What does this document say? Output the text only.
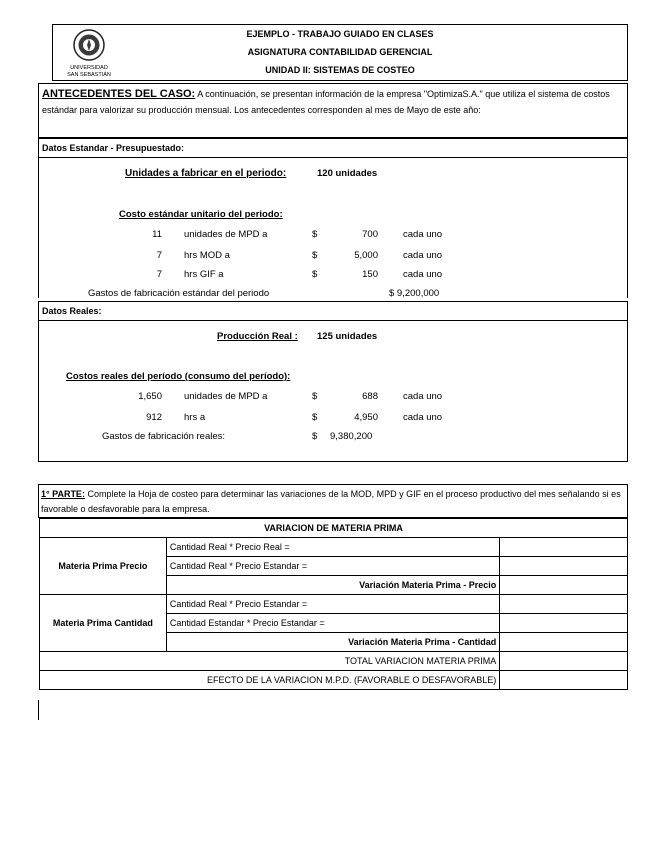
UNIVERSIDAD
SAN SEBASTIÁN
EJEMPLO - TRABAJO GUIADO EN CLASES
ASIGNATURA CONTABILIDAD GERENCIAL
UNIDAD II: SISTEMAS DE COSTEO
ANTECEDENTES DEL CASO: A continuación, se presentan información de la empresa "OptimizaS.A." que utiliza el sistema de costos estándar para valorizar su producción mensual. Los antecedentes corresponden al mes de Mayo de este año:
Datos Estandar - Presupuestado:
Unidades a fabricar en el periodo:	120 unidades
Costo estándar unitario del periodo:
11 unidades de MPD a	$	700	cada uno
7 hrs MOD a	$	5,000	cada uno
7 hrs GIF a	$	150	cada uno
Gastos de fabricación estándar del periodo	$ 9,200,000
Datos Reales:
Producción Real : 125 unidades
Costos reales del período (consumo del período):
1,650 unidades de MPD a	$	688	cada uno
912 hrs a	$	4,950	cada uno
Gastos de fabricación reales:	$ 9,380,200
1° PARTE: Complete la Hoja de costeo para determinar las variaciones de la MOD, MPD y GIF en el proceso productivo del mes señalando si es favorable o desfavorable para la empresa.
VARIACION DE MATERIA PRIMA		
Materia Prima Precio	Cantidad Real * Precio Real =	
	Cantidad Real * Precio Estandar =	
	Variación Materia Prima - Precio	
Materia Prima Cantidad	Cantidad Real * Precio Estandar =	
	Cantidad Estandar * Precio Estandar =	
	Variación Materia Prima - Cantidad	
TOTAL VARIACION MATERIA PRIMA		
EFECTO DE LA VARIACION M.P.D. (FAVORABLE O DESFAVORABLE)		
